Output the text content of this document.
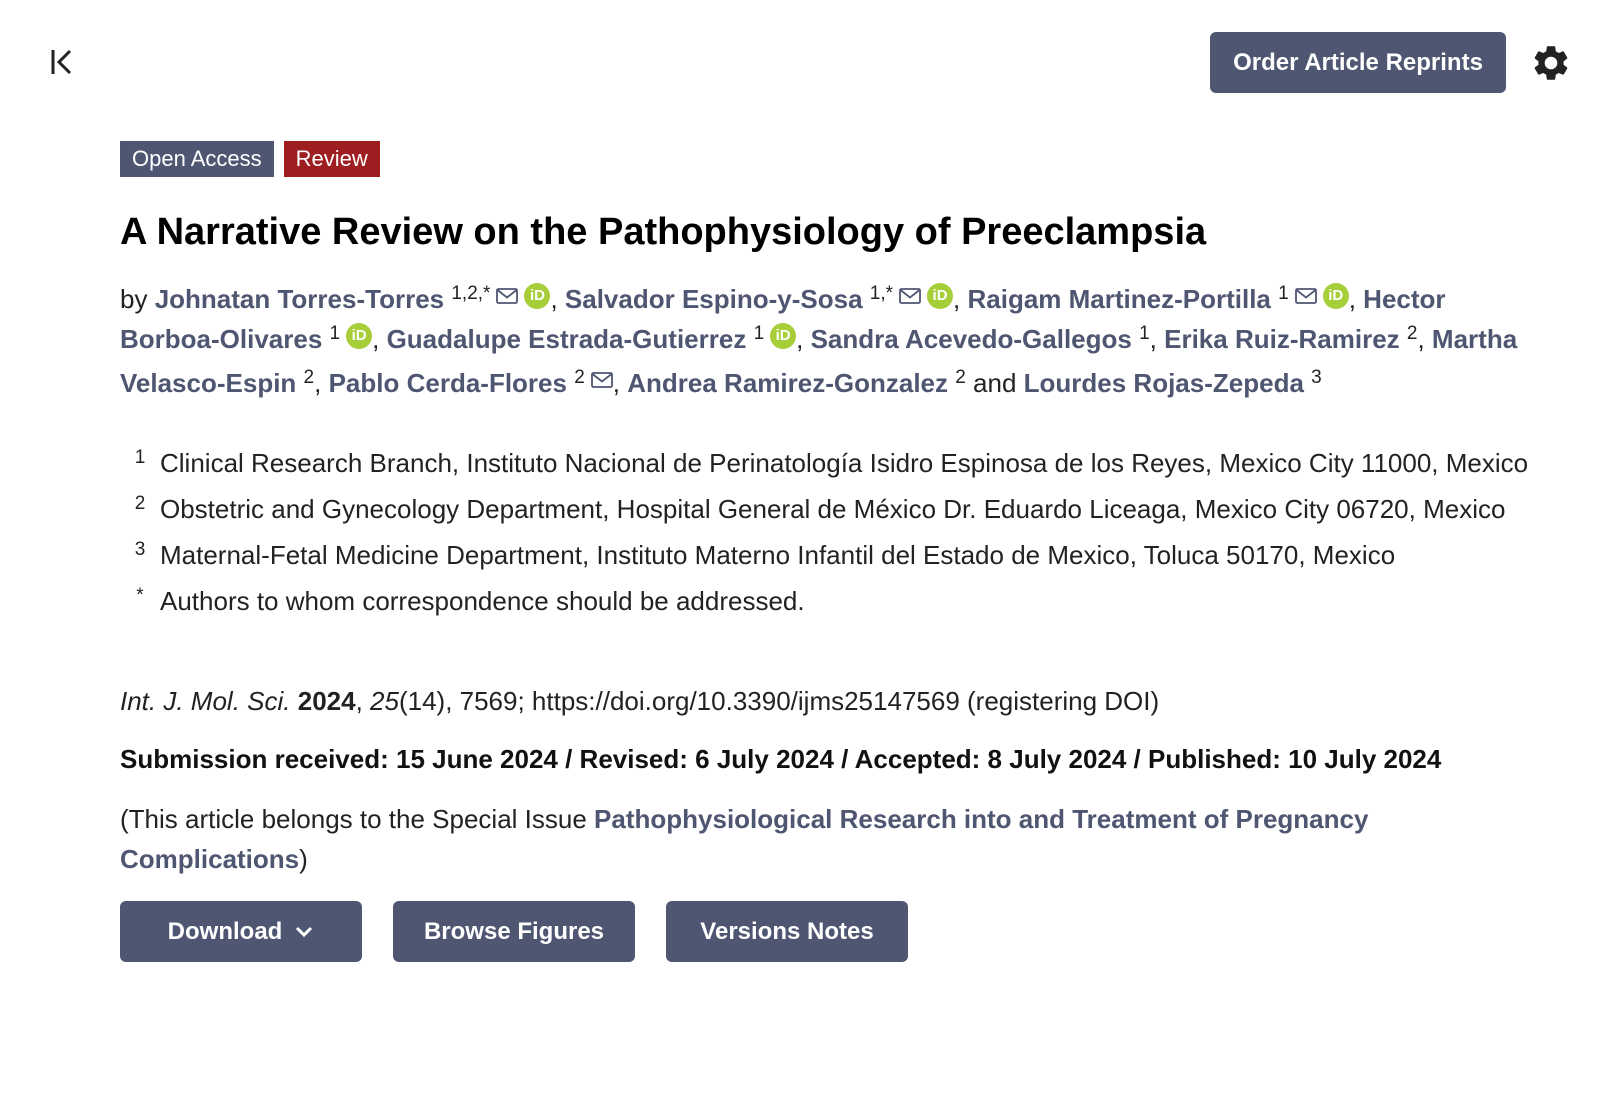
Order Article Reprints
Open Access	Review
A Narrative Review on the Pathophysiology of Preeclampsia
by Johnatan Torres-Torres $^{1,2,*}$	iD , Salvador Espino-y-Sosa $^{1,*}$	iD , Raigam Martinez-Portilla $^1$	iD , Hector Borboa-Olivares $^1$ iD , Guadalupe Estrada-Gutierrez $^1$ iD , Sandra Acevedo-Gallegos $^1$, Erika Ruiz-Ramirez $^2$, Martha Velasco-Espin $^2$, Pablo Cerda-Flores $^2$ , Andrea Ramirez-Gonzalez $^2$ and Lourdes Rojas-Zepeda $^3$
1 Clinical Research Branch, Instituto Nacional de Perinatología Isidro Espinosa de los Reyes, Mexico City 11000, Mexico
2 Obstetric and Gynecology Department, Hospital General de México Dr. Eduardo Liceaga, Mexico City 06720, Mexico
3 Maternal-Fetal Medicine Department, Instituto Materno Infantil del Estado de Mexico, Toluca 50170, Mexico
* Authors to whom correspondence should be addressed.
Int. J. Mol. Sci. 2024, 25(14), 7569; https://doi.org/10.3390/ijms25147569 (registering DOI)
Submission received: 15 June 2024 / Revised: 6 July 2024 / Accepted: 8 July 2024 / Published: 10 July 2024
(This article belongs to the Special Issue Pathophysiological Research into and Treatment of Pregnancy Complications)
Download	Browse Figures	Versions Notes
